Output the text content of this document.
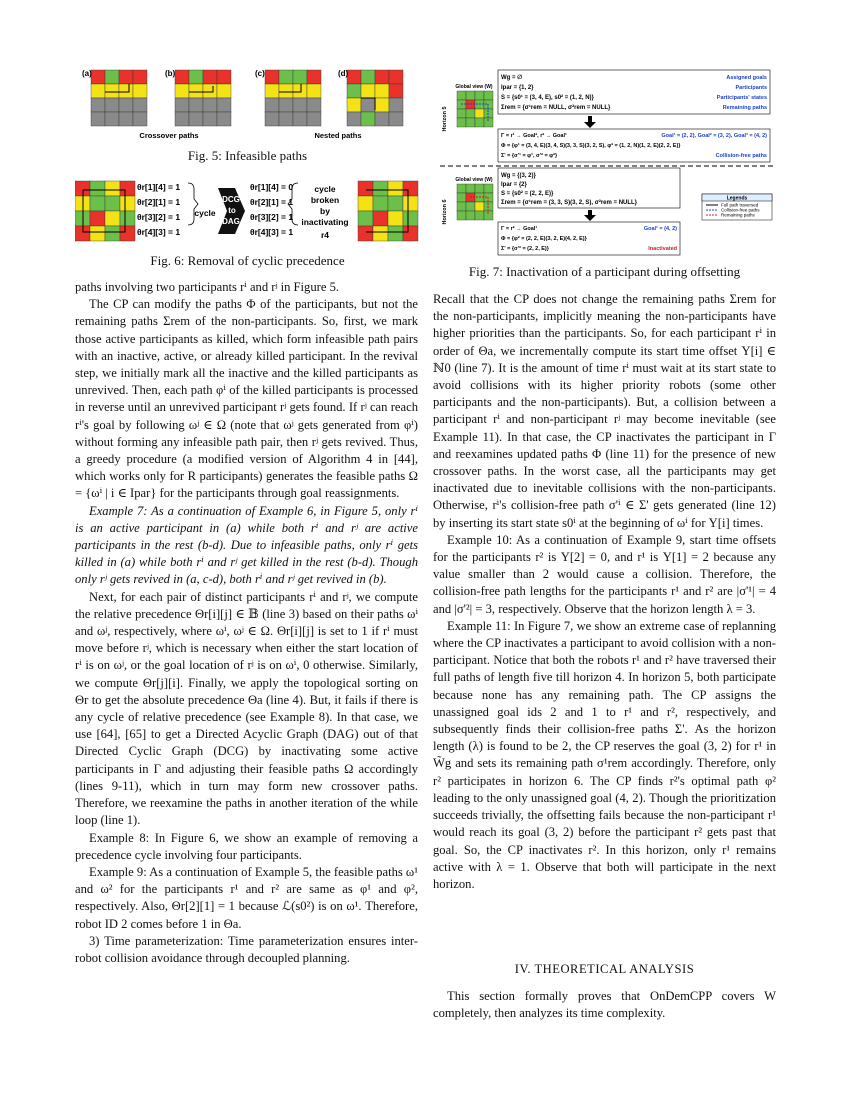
(a)	(b)	(c)	(d)
Crossover paths	Nested paths
Fig. 5: Infeasible paths
θr[1][4] = 1
θr[2][1] = 1
θr[3][2] = 1
θr[4][3] = 1
θr[1][4] = 0
θr[2][1] = 1
θr[3][2] = 1
θr[4][3] = 1
cycle
DCG
to
DAG
cycle
broken
by
inactivating
r4
Fig. 6: Removal of cyclic precedence
Global view (W)
Horizon 5
Wg = ∅
Ipar = {1, 2}
S = {s0¹ = (3, 4, E), s0² = (1, 2, N)}
Σrem = {σ¹rem = NULL, σ²rem = NULL}
Assigned goals
Participants
Participants' states
Remaining paths
Γ = r¹ → Goal², r² → Goal¹
Φ = {φ¹ = (3, 4, E)(3, 4, S)(3, 3, S)(3, 2, S), φ² = (1, 2, N)(1, 2, E)(2, 2, E)}
Σ' = {σ'¹ = φ¹, σ'² = φ²}
Goal¹ = (2, 2), Goal² = (3, 2), Goal³ = (4, 2)
Collision-free paths
Global view (W)
Horizon 6
Wg = {(3, 2)}
Ipar = {2}
S = {s0² = (2, 2, E)}
Σrem = {σ¹rem = (3, 3, S)(3, 2, S), σ²rem = NULL}
Γ = r² → Goal¹
Φ = {φ² = (2, 2, E)(3, 2, E)(4, 2, E)}
Σ' = {σ'² = (2, 2, E)}
Goal¹ = (4, 2)
Inactivated
Legends
Full path traversed
Collision-free paths
Remaining paths
Fig. 7: Inactivation of a participant during offsetting

paths involving two participants rⁱ and rʲ in Figure 5.

The CP can modify the paths Φ of the participants, but not the remaining paths Σrem of the non-participants. So, first, we mark those active participants as killed, which form infeasible path pairs with an inactive, active, or already killed participant. In the revival step, we initially mark all the inactive and the killed participants as unrevived. Then, each path φⁱ of the killed participants is processed in reverse until an unrevived participant rʲ gets found. If rʲ can reach rⁱ's goal by following ωʲ ∈ Ω (note that ωʲ gets generated from φⁱ) without forming any infeasible path pair, then rʲ gets revived. Thus, a greedy procedure (a modified version of Algorithm 4 in [44], which works only for R participants) generates the feasible paths Ω = {ωⁱ | i ∈ Ipar} for the participants through goal reassignments.

Example 7: As a continuation of Example 6, in Figure 5, only rⁱ is an active participant in (a) while both rⁱ and rʲ are active participants in the rest (b-d). Due to infeasible paths, only rⁱ gets killed in (a) while both rⁱ and rʲ get killed in the rest (b-d). Though only rʲ gets revived in (a, c-d), both rⁱ and rʲ get revived in (b).

Next, for each pair of distinct participants rⁱ and rʲ, we compute the relative precedence Θr[i][j] ∈ 𝔹 (line 3) based on their paths ωⁱ and ωʲ, respectively, where ωⁱ, ωʲ ∈ Ω. Θr[i][j] is set to 1 if rⁱ must move before rʲ, which is necessary when either the start location of rⁱ is on ωʲ, or the goal location of rʲ is on ωⁱ, 0 otherwise. Similarly, we compute Θr[j][i]. Finally, we apply the topological sorting on Θr to get the absolute precedence Θa (line 4). But, it fails if there is any cycle of relative precedence (see Example 8). In that case, we use [64], [65] to get a Directed Acyclic Graph (DAG) out of that Directed Cyclic Graph (DCG) by inactivating some active participants in Γ and adjusting their feasible paths Ω accordingly (lines 9-11), which in turn may form new crossover paths. Therefore, we reexamine the paths in another iteration of the while loop (line 1).

Example 8: In Figure 6, we show an example of removing a precedence cycle involving four participants.

Example 9: As a continuation of Example 5, the feasible paths ω¹ and ω² for the participants r¹ and r² are same as φ¹ and φ², respectively. Also, Θr[2][1] = 1 because ℒ(s0²) is on ω¹. Therefore, robot ID 2 comes before 1 in Θa.

3) Time parameterization: Time parameterization ensures inter-robot collision avoidance through decoupled planning.

Recall that the CP does not change the remaining paths Σrem for the non-participants, implicitly meaning the non-participants have higher priorities than the participants. So, for each participant rⁱ in order of Θa, we incrementally compute its start time offset Υ[i] ∈ ℕ0 (line 7). It is the amount of time rⁱ must wait at its start state to avoid collisions with its higher priority robots (some other participants and the non-participants). But, a collision between a participant rⁱ and non-participant rʲ may become inevitable (see Example 11). In that case, the CP inactivates the participant in Γ and reexamines updated paths Φ (line 11) for the presence of new crossover paths. In the worst case, all the participants may get inactivated due to inevitable collisions with the non-participants. Otherwise, rⁱ's collision-free path σ'ⁱ ∈ Σ' gets generated (line 12) by inserting its start state s0ⁱ at the beginning of ωⁱ for Υ[i] times.

Example 10: As a continuation of Example 9, start time offsets for the participants r² is Υ[2] = 0, and r¹ is Υ[1] = 2 because any value smaller than 2 would cause a collision. Therefore, the collision-free path lengths for the participants r¹ and r² are |σ'¹| = 4 and |σ'²| = 3, respectively. Observe that the horizon length λ = 3.

Example 11: In Figure 7, we show an extreme case of replanning where the CP inactivates a participant to avoid collision with a non-participant. Notice that both the robots r¹ and r² have traversed their full paths of length five till horizon 4. In horizon 5, both participate because none has any remaining path. The CP assigns the unassigned goal ids 2 and 1 to r¹ and r², respectively, and subsequently finds their collision-free paths Σ'. As the horizon length (λ) is found to be 2, the CP reserves the goal (3, 2) for r¹ in W̃g and sets its remaining path σ¹rem accordingly. Therefore, only r² participates in horizon 6. The CP finds r²'s optimal path φ² leading to the only unassigned goal (4, 2). Though the prioritization succeeds trivially, the offsetting fails because the non-participant r¹ would reach its goal (3, 2) before the participant r² gets past that goal. So, the CP inactivates r². In this horizon, only r¹ remains active with λ = 1. Observe that both will participate in the next horizon.

IV. THEORETICAL ANALYSIS

This section formally proves that OnDemCPP covers W completely, then analyzes its time complexity.
